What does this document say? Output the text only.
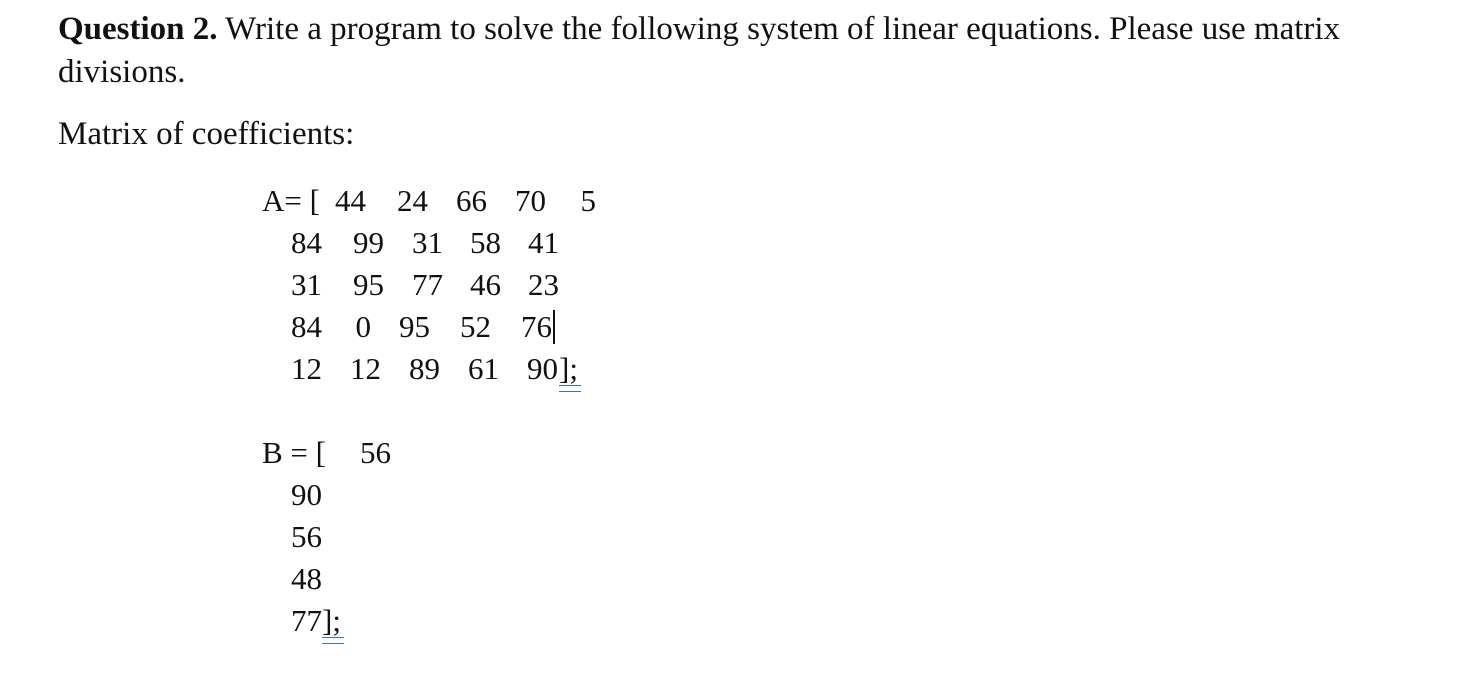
Question 2. Write a program to solve the following system of linear equations. Please use matrix divisions.

Matrix of coefficients:

A= [ 44	24 66 70	5
84	99 31 58 41
31	95 77 46 23
84	0 95 52 76
12 12 89 61 90 ];
B = [	56
90
56
48
77 ];
